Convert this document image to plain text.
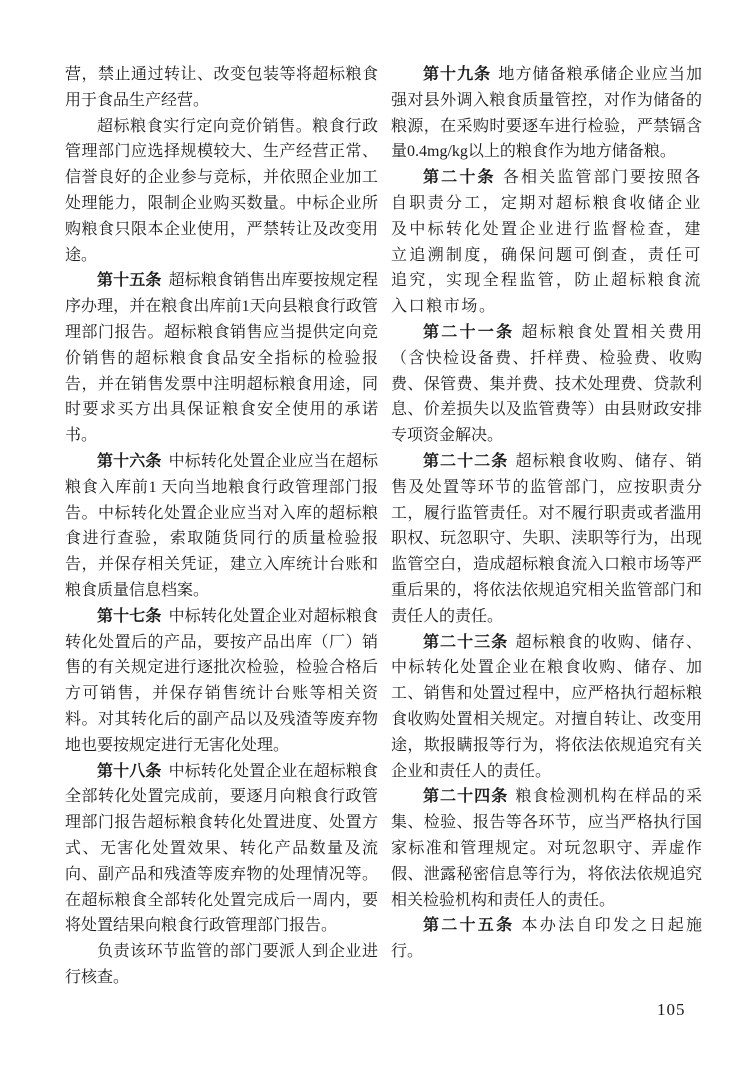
营，禁止通过转让、改变包装等将超标粮食用于食品生产经营。

超标粮食实行定向竞价销售。粮食行政管理部门应选择规模较大、生产经营正常、信誉良好的企业参与竞标，并依照企业加工处理能力，限制企业购买数量。中标企业所购粮食只限本企业使用，严禁转让及改变用途。

第十五条 超标粮食销售出库要按规定程序办理，并在粮食出库前1天向县粮食行政管理部门报告。超标粮食销售应当提供定向竞价销售的超标粮食食品安全指标的检验报告，并在销售发票中注明超标粮食用途，同时要求买方出具保证粮食安全使用的承诺书。

第十六条 中标转化处置企业应当在超标粮食入库前1 天向当地粮食行政管理部门报告。中标转化处置企业应当对入库的超标粮食进行查验，索取随货同行的质量检验报告，并保存相关凭证，建立入库统计台账和粮食质量信息档案。

第十七条 中标转化处置企业对超标粮食转化处置后的产品，要按产品出库（厂）销售的有关规定进行逐批次检验，检验合格后方可销售，并保存销售统计台账等相关资料。对其转化后的副产品以及残渣等废弃物地也要按规定进行无害化处理。

第十八条 中标转化处置企业在超标粮食全部转化处置完成前，要逐月向粮食行政管理部门报告超标粮食转化处置进度、处置方式、无害化处置效果、转化产品数量及流向、副产品和残渣等废弃物的处理情况等。在超标粮食全部转化处置完成后一周内，要将处置结果向粮食行政管理部门报告。

负责该环节监管的部门要派人到企业进行核查。

第十九条 地方储备粮承储企业应当加强对县外调入粮食质量管控，对作为储备的粮源，在采购时要逐车进行检验，严禁镉含量0.4mg/kg以上的粮食作为地方储备粮。

第二十条 各相关监管部门要按照各自职责分工，定期对超标粮食收储企业及中标转化处置企业进行监督检查，建立追溯制度，确保问题可倒查，责任可追究，实现全程监管，防止超标粮食流入口粮市场。

第二十一条 超标粮食处置相关费用（含快检设备费、扦样费、检验费、收购费、保管费、集并费、技术处理费、贷款利息、价差损失以及监管费等）由县财政安排专项资金解决。

第二十二条 超标粮食收购、储存、销售及处置等环节的监管部门，应按职责分工，履行监管责任。对不履行职责或者滥用职权、玩忽职守、失职、渎职等行为，出现监管空白，造成超标粮食流入口粮市场等严重后果的，将依法依规追究相关监管部门和责任人的责任。

第二十三条 超标粮食的收购、储存、中标转化处置企业在粮食收购、储存、加工、销售和处置过程中，应严格执行超标粮食收购处置相关规定。对擅自转让、改变用途，欺报瞒报等行为，将依法依规追究有关企业和责任人的责任。

第二十四条 粮食检测机构在样品的采集、检验、报告等各环节，应当严格执行国家标准和管理规定。对玩忽职守、弄虚作假、泄露秘密信息等行为，将依法依规追究相关检验机构和责任人的责任。

第二十五条 本办法自印发之日起施行。

105
